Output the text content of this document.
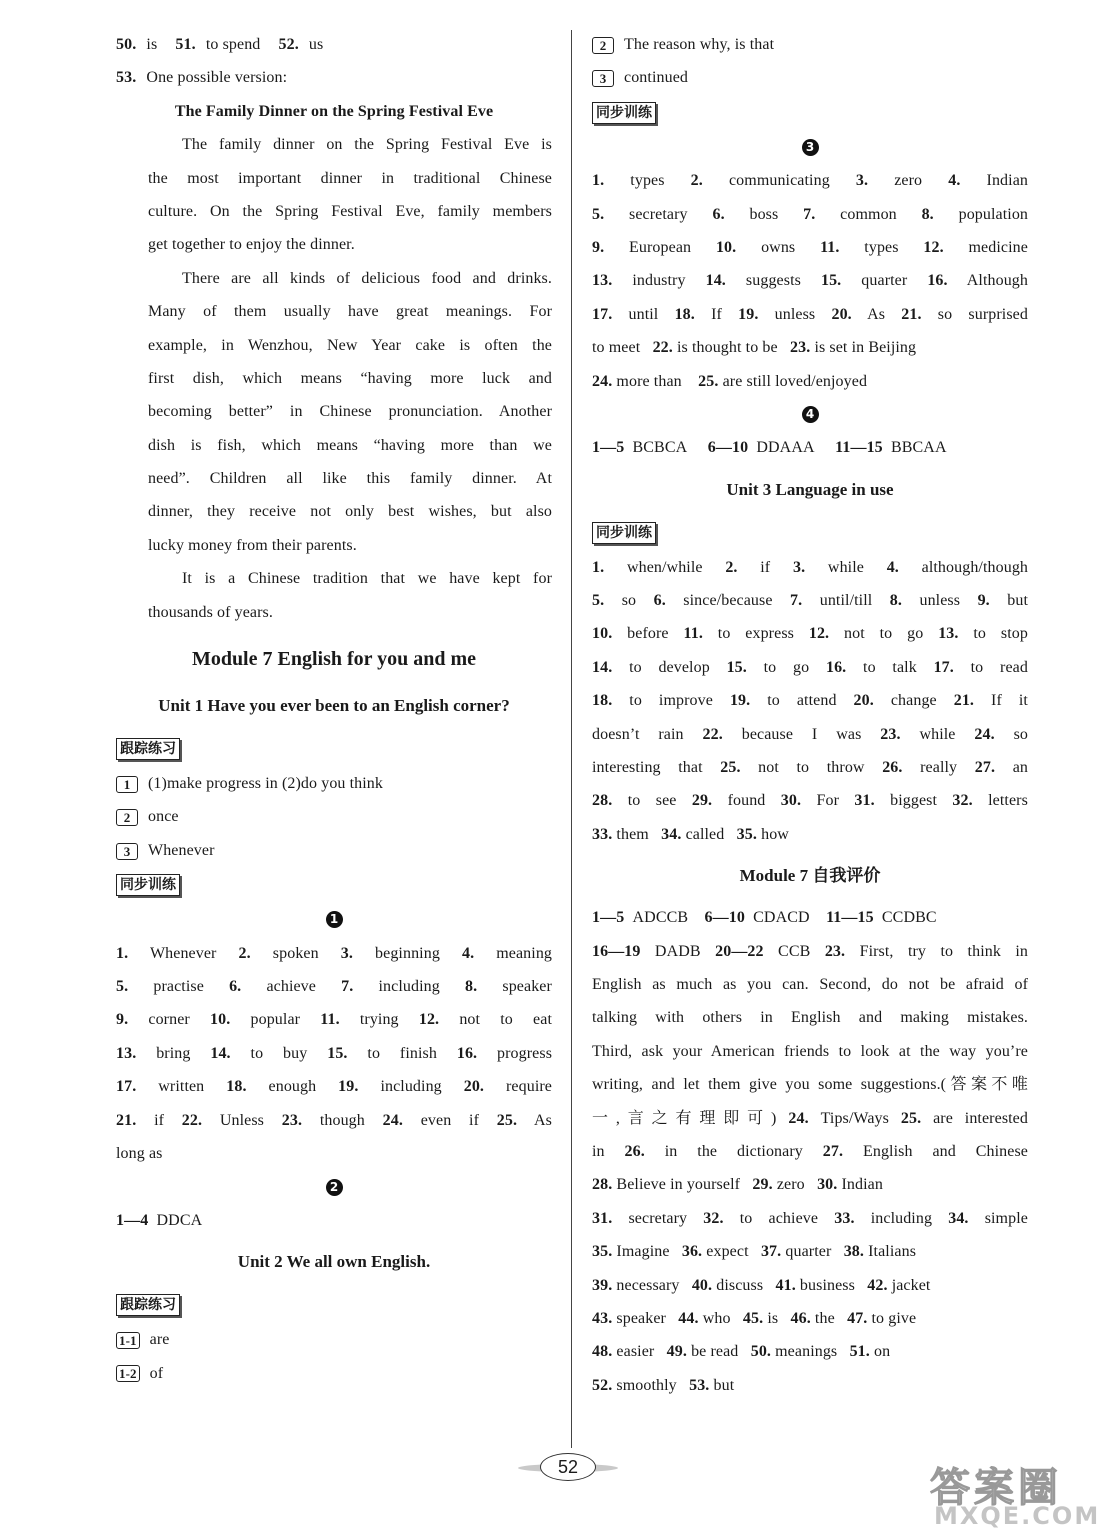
50. is 51. to spend 52. us
53. One possible version:
The Family Dinner on the Spring Festival Eve
The family dinner on the Spring Festival Eve is
the most important dinner in traditional Chinese
culture. On the Spring Festival Eve, family members
get together to enjoy the dinner.
There are all kinds of delicious food and drinks.
Many of them usually have great meanings. For
example, in Wenzhou, New Year cake is often the
first dish, which means “having more luck and
becoming better” in Chinese pronunciation. Another
dish is fish, which means “having more than we
need”. Children all like this family dinner. At
dinner, they receive not only best wishes, but also
lucky money from their parents.
It is a Chinese tradition that we have kept for
thousands of years.
Module 7 English for you and me
Unit 1 Have you ever been to an English corner?
跟踪练习
1 (1)make progress in (2)do you think
2 once
3 Whenever
同步训练
1
1. Whenever 2. spoken 3. beginning 4. meaning
5. practise 6. achieve 7. including 8. speaker
9. corner 10. popular 11. trying 12. not to eat
13. bring 14. to buy 15. to finish 16. progress
17. written 18. enough 19. including 20. require
21. if 22. Unless 23. though 24. even if 25. As
long as
2
1—4 DDCA
Unit 2 We all own English.
跟踪练习
1-1 are
1-2 of
2 The reason why, is that
3 continued
同步训练
3
1. types 2. communicating 3. zero 4. Indian
5. secretary 6. boss 7. common 8. population
9. European 10. owns 11. types 12. medicine
13. industry 14. suggests 15. quarter 16. Although
17. until 18. If 19. unless 20. As 21. so surprised
to meet 22. is thought to be 23. is set in Beijing
24. more than 25. are still loved/enjoyed
4
1—5 BCBCA 6—10 DDAAA 11—15 BBCAA
Unit 3 Language in use
同步训练
1. when/while 2. if 3. while 4. although/though
5. so 6. since/because 7. until/till 8. unless 9. but
10. before 11. to express 12. not to go 13. to stop
14. to develop 15. to go 16. to talk 17. to read
18. to improve 19. to attend 20. change 21. If it
doesn’t rain 22. because I was 23. while 24. so
interesting that 25. not to throw 26. really 27. an
28. to see 29. found 30. For 31. biggest 32. letters
33. them 34. called 35. how
Module 7 自我评价
1—5 ADCCB 6—10 CDACD 11—15 CCDBC
16—19 DADB 20—22 CCB 23. First, try to think in
English as much as you can. Second, do not be afraid of
talking with others in English and making mistakes.
Third, ask your American friends to look at the way you’re
writing, and let them give you some suggestions.(答案不唯
一,言之有理即可) 24. Tips/Ways 25. are interested
in 26. in the dictionary 27. English and Chinese
28. Believe in yourself 29. zero 30. Indian
31. secretary 32. to achieve 33. including 34. simple
35. Imagine 36. expect 37. quarter 38. Italians
39. necessary 40. discuss 41. business 42. jacket
43. speaker 44. who 45. is 46. the 47. to give
48. easier 49. be read 50. meanings 51. on
52. smoothly 53. but
52	答案圈
MXQE.COM
